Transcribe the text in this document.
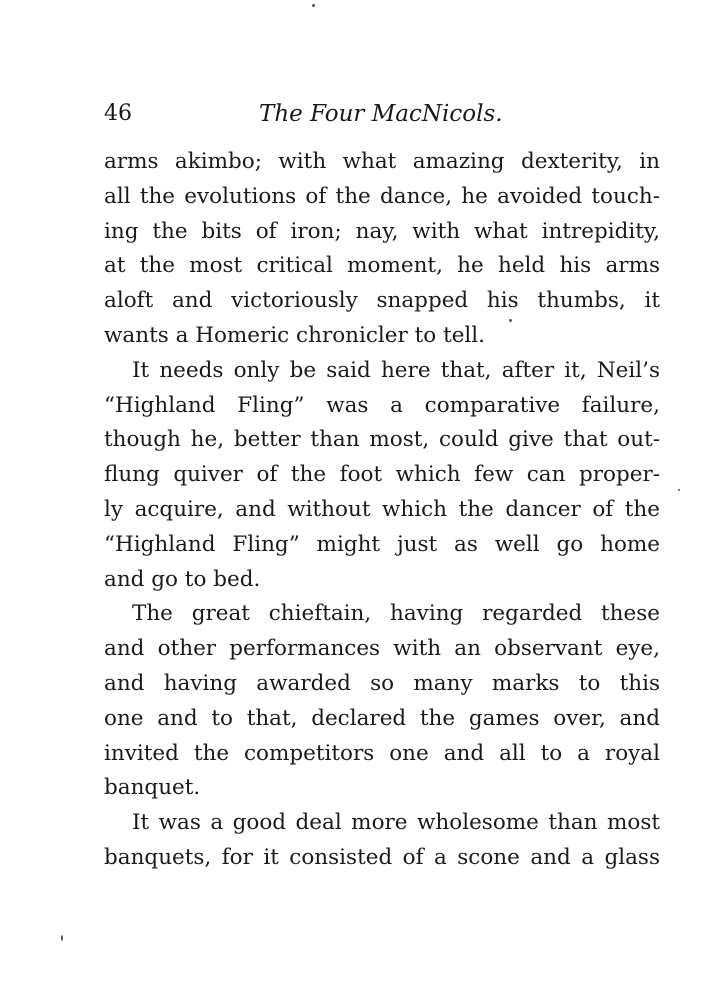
46	The Four MacNicols.
arms akimbo; with what amazing dexterity, in
all the evolutions of the dance, he avoided touch-
ing the bits of iron; nay, with what intrepidity,
at the most critical moment, he held his arms
aloft and victoriously snapped his thumbs, it
wants a Homeric chronicler to tell.
It needs only be said here that, after it, Neil’s
“Highland Fling” was a comparative failure,
though he, better than most, could give that out-
flung quiver of the foot which few can proper-
ly acquire, and without which the dancer of the
“Highland Fling” might just as well go home
and go to bed.
The great chieftain, having regarded these
and other performances with an observant eye,
and having awarded so many marks to this
one and to that, declared the games over, and
invited the competitors one and all to a royal
banquet.
It was a good deal more wholesome than most
banquets, for it consisted of a scone and a glass
